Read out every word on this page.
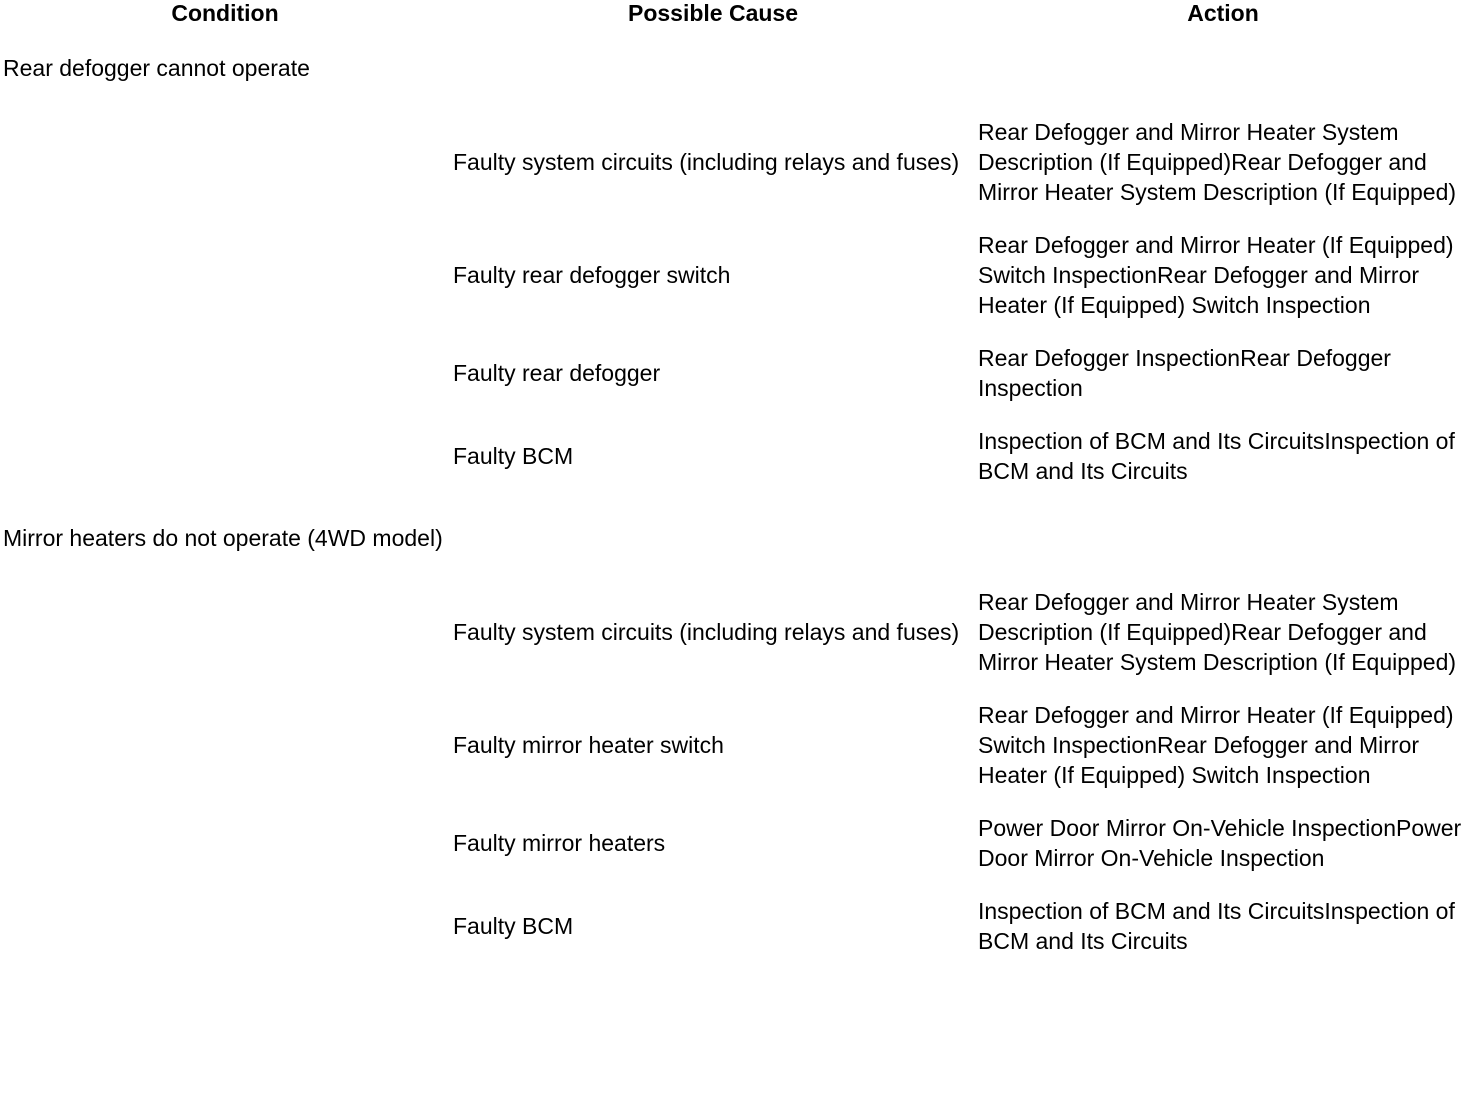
Condition	Possible Cause	Action
Rear defogger cannot operate		
	Faulty system circuits (including relays and fuses)	Rear Defogger and Mirror Heater System Description (If Equipped)Rear Defogger and Mirror Heater System Description (If Equipped)
	Faulty rear defogger switch	Rear Defogger and Mirror Heater (If Equipped) Switch InspectionRear Defogger and Mirror Heater (If Equipped) Switch Inspection
	Faulty rear defogger	Rear Defogger InspectionRear Defogger Inspection
	Faulty BCM	Inspection of BCM and Its CircuitsInspection of BCM and Its Circuits
Mirror heaters do not operate (4WD model)		
	Faulty system circuits (including relays and fuses)	Rear Defogger and Mirror Heater System Description (If Equipped)Rear Defogger and Mirror Heater System Description (If Equipped)
	Faulty mirror heater switch	Rear Defogger and Mirror Heater (If Equipped) Switch InspectionRear Defogger and Mirror Heater (If Equipped) Switch Inspection
	Faulty mirror heaters	Power Door Mirror On-Vehicle InspectionPower Door Mirror On-Vehicle Inspection
	Faulty BCM	Inspection of BCM and Its CircuitsInspection of BCM and Its Circuits
